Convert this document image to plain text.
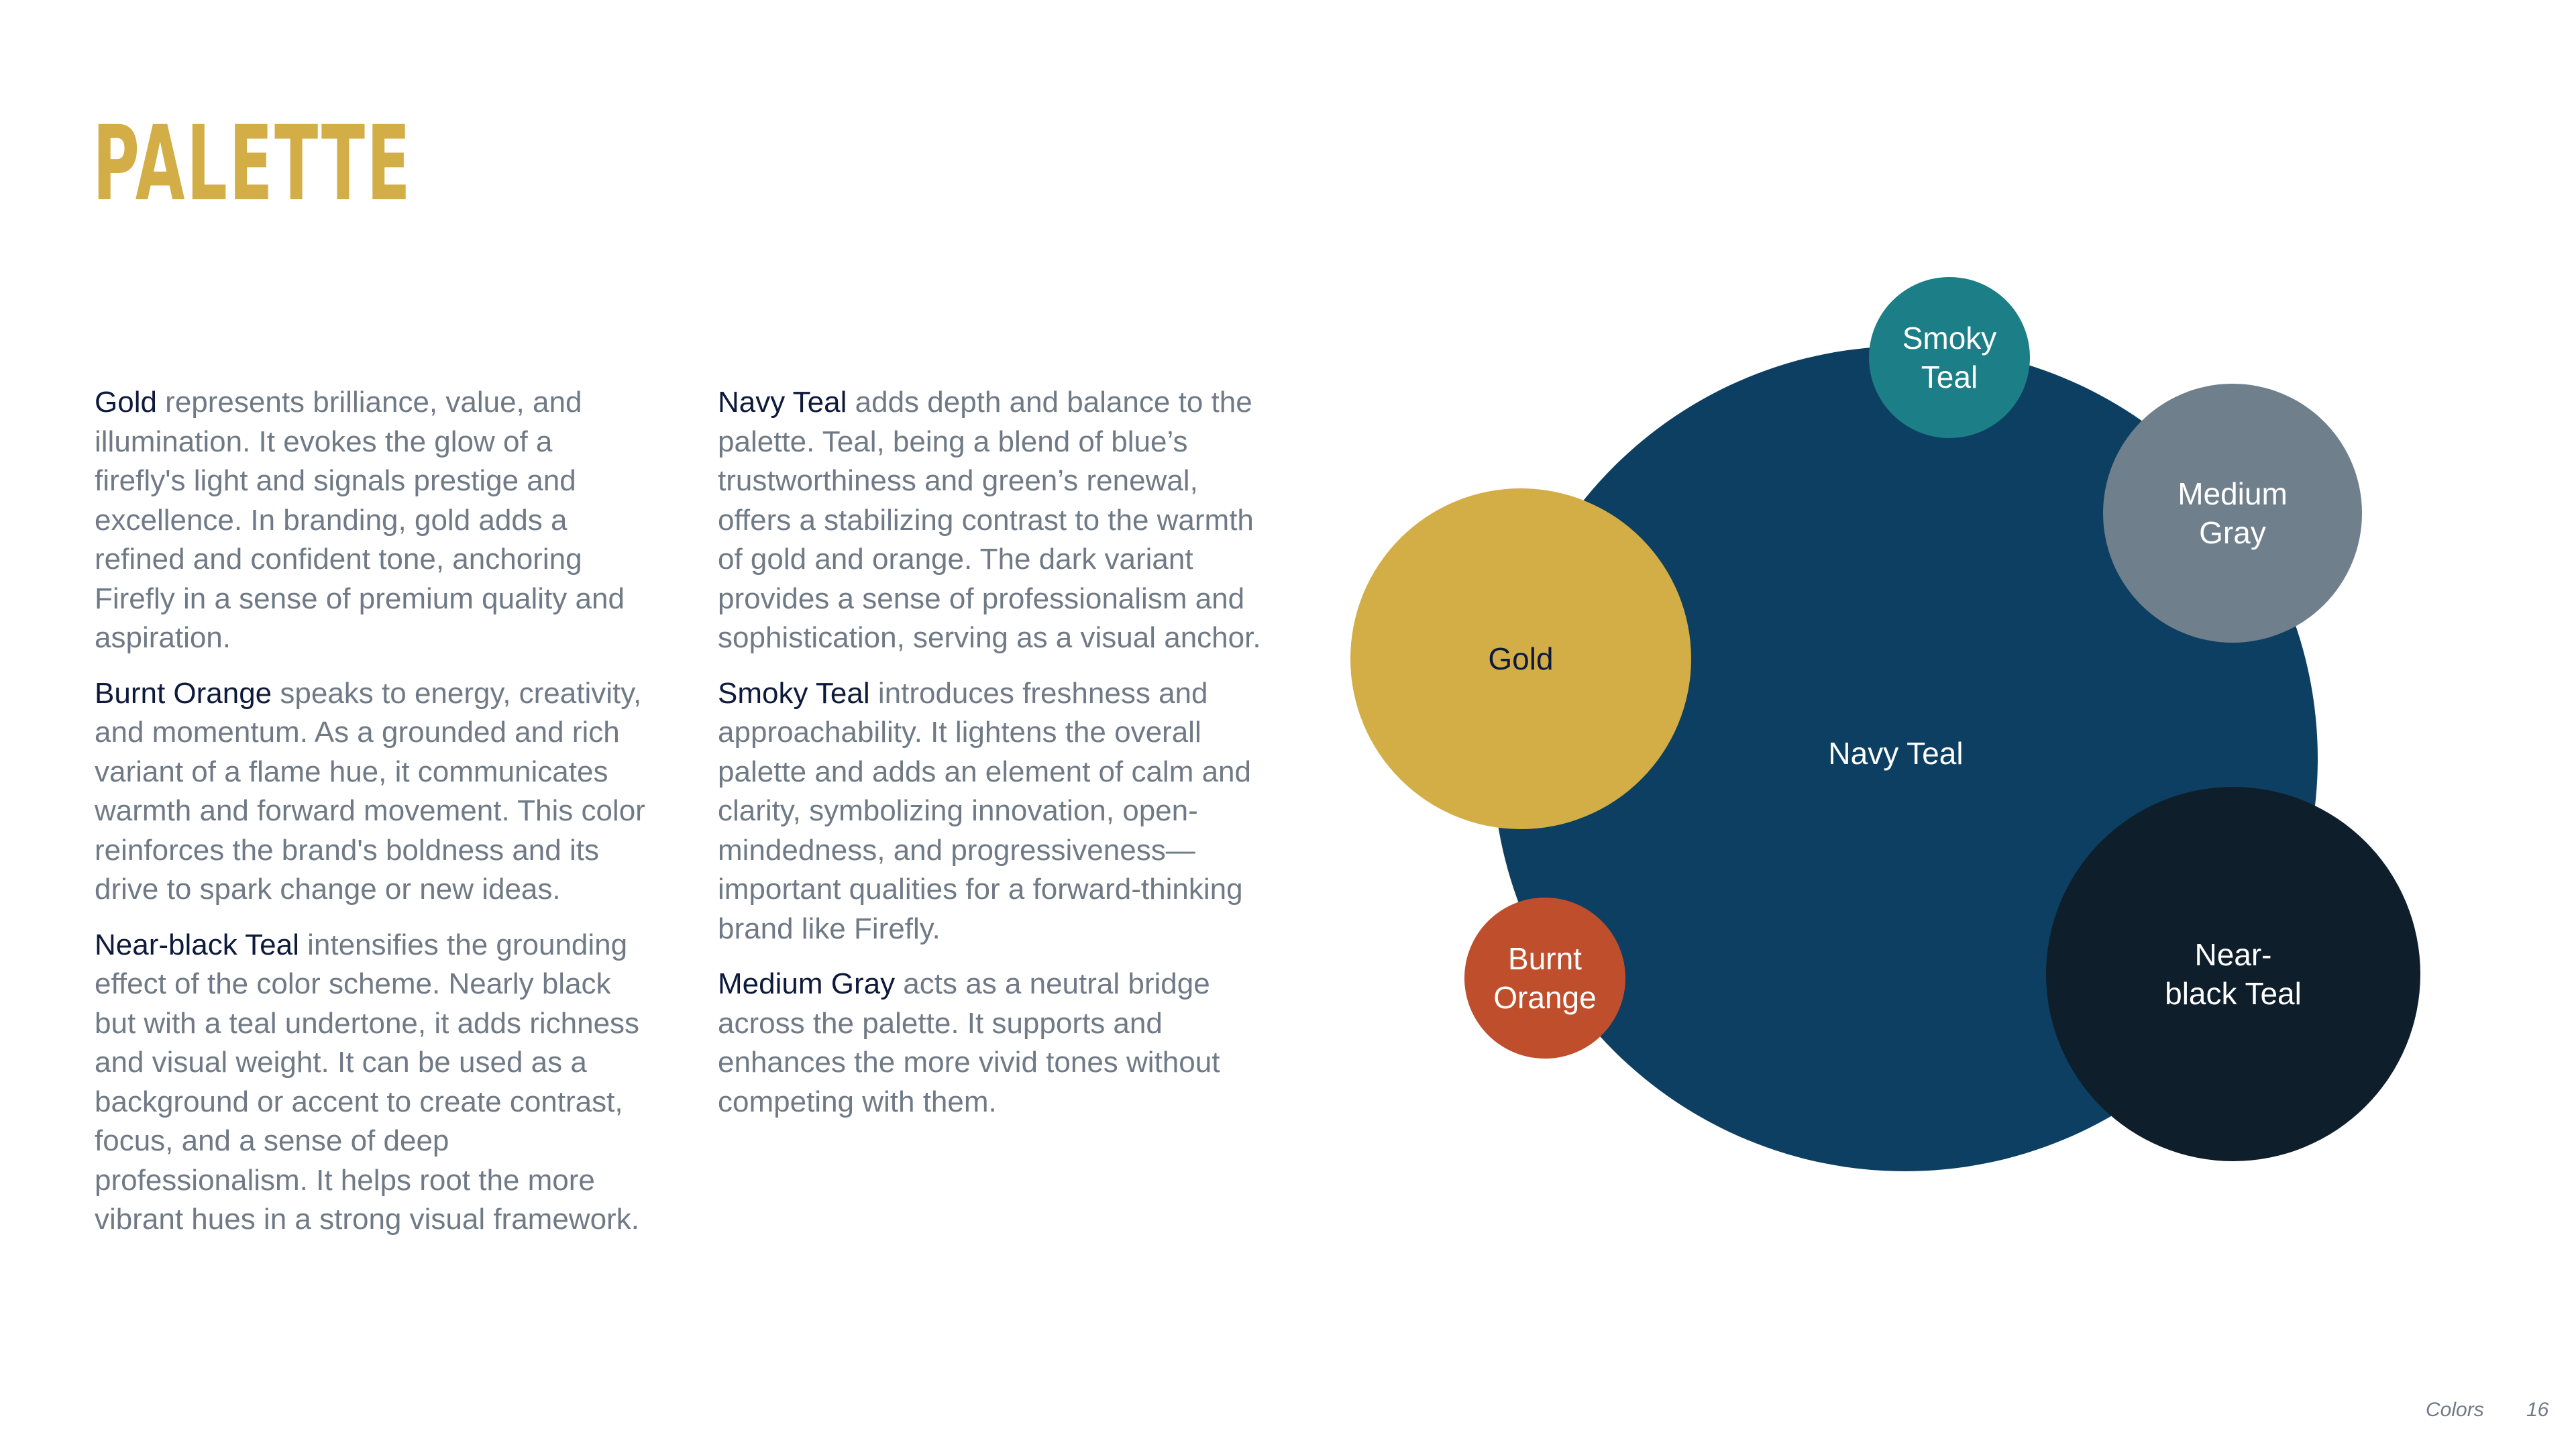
PALETTE

Gold represents brilliance, value, and illumination. It evokes the glow of a firefly's light and signals prestige and excellence. In branding, gold adds a refined and confident tone, anchoring Firefly in a sense of premium quality and aspiration.

Burnt Orange speaks to energy, creativity, and momentum. As a grounded and rich variant of a flame hue, it communicates warmth and forward movement. This color reinforces the brand's boldness and its drive to spark change or new ideas.

Near-black Teal intensifies the grounding effect of the color scheme. Nearly black but with a teal undertone, it adds richness and visual weight. It can be used as a background or accent to create contrast, focus, and a sense of deep professionalism. It helps root the more vibrant hues in a strong visual framework.

Navy Teal adds depth and balance to the palette. Teal, being a blend of blue’s trustworthiness and green’s renewal, offers a stabilizing contrast to the warmth of gold and orange. The dark variant provides a sense of professionalism and sophistication, serving as a visual anchor.

Smoky Teal introduces freshness and approachability. It lightens the overall palette and adds an element of calm and clarity, symbolizing innovation, open-mindedness, and progressiveness—important qualities for a forward-thinking brand like Firefly.

Medium Gray acts as a neutral bridge across the palette. It supports and enhances the more vivid tones without competing with them.

Navy Teal
Smoky
Teal
Medium
Gray
Gold
Near-
black Teal
Burnt
Orange
Colors 16
